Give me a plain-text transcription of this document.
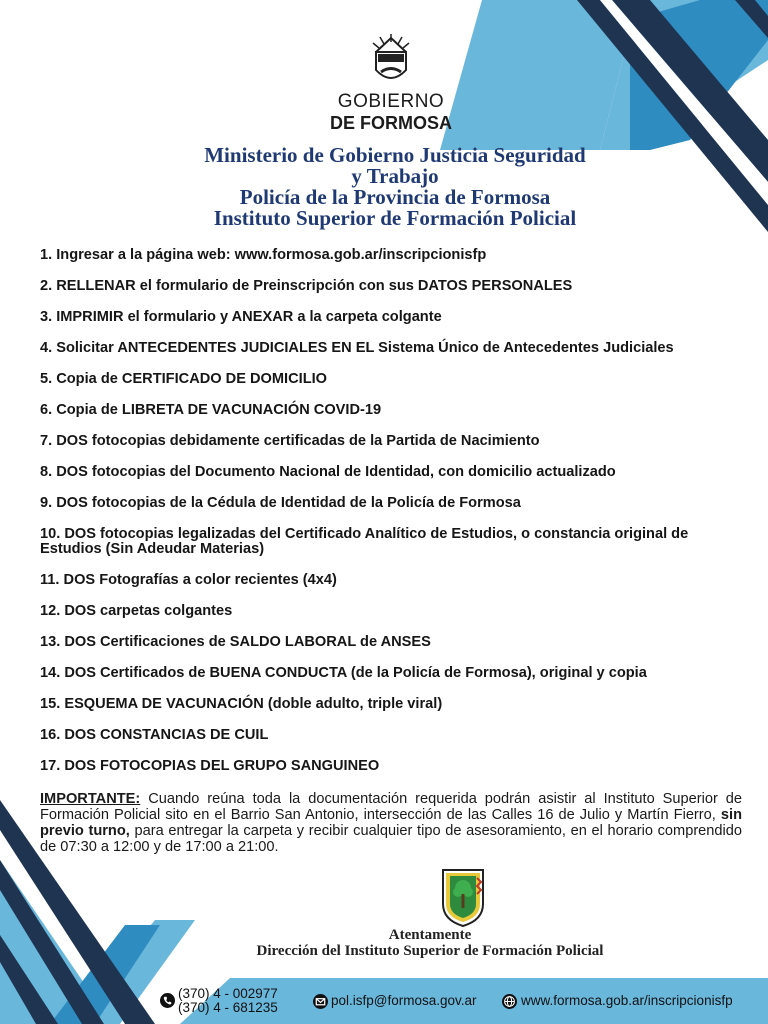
GOBIERNO
DE FORMOSA
Ministerio de Gobierno Justicia Seguridad
y Trabajo
Policía de la Provincia de Formosa
Instituto Superior de Formación Policial
1. Ingresar a la página web: www.formosa.gob.ar/inscripcionisfp
2. RELLENAR el formulario de Preinscripción con sus DATOS PERSONALES
3. IMPRIMIR el formulario y ANEXAR a la carpeta colgante
4. Solicitar ANTECEDENTES JUDICIALES EN EL Sistema Único de Antecedentes Judiciales
5. Copia de CERTIFICADO DE DOMICILIO
6. Copia de LIBRETA DE VACUNACIÓN COVID-19
7. DOS fotocopias debidamente certificadas de la Partida de Nacimiento
8. DOS fotocopias del Documento Nacional de Identidad, con domicilio actualizado
9. DOS fotocopias de la Cédula de Identidad de la Policía de Formosa
10. DOS fotocopias legalizadas del Certificado Analítico de Estudios, o constancia original de Estudios (Sin Adeudar Materias)
11. DOS Fotografías a color recientes (4x4)
12. DOS carpetas colgantes
13. DOS Certificaciones de SALDO LABORAL de ANSES
14. DOS Certificados de BUENA CONDUCTA (de la Policía de Formosa), original y copia
15. ESQUEMA DE VACUNACIÓN (doble adulto, triple viral)
16. DOS CONSTANCIAS DE CUIL
17. DOS FOTOCOPIAS DEL GRUPO SANGUINEO
IMPORTANTE: Cuando reúna toda la documentación requerida podrán asistir al Instituto Superior de Formación Policial sito en el Barrio San Antonio, intersección de las Calles 16 de Julio y Martín Fierro, sin previo turno, para entregar la carpeta y recibir cualquier tipo de asesoramiento, en el horario comprendido de 07:30 a 12:00 y de 17:00 a 21:00.
Atentamente
Dirección del Instituto Superior de Formación Policial
(370) 4 - 002977
(370) 4 - 681235	pol.isfp@formosa.gov.ar	www.formosa.gob.ar/inscripcionisfp
